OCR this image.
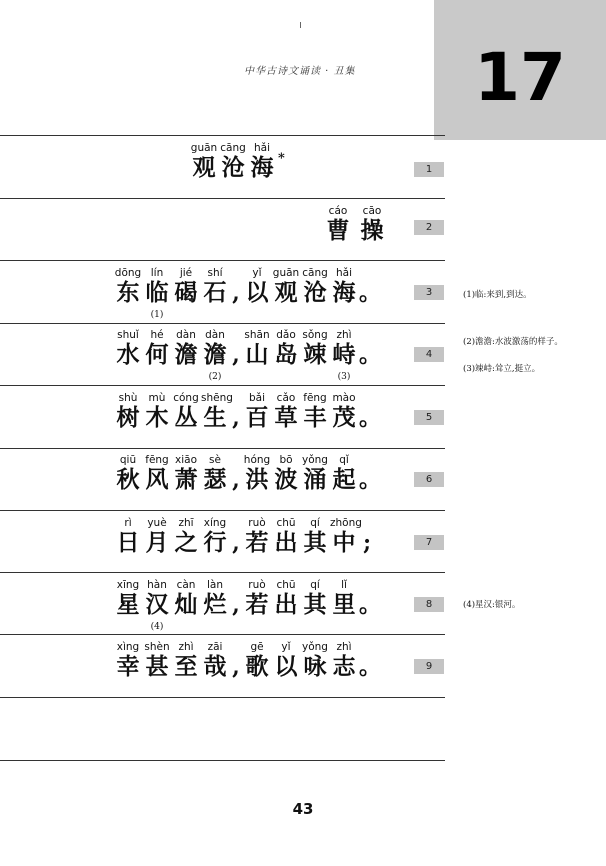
17
中华古诗文诵读 · 丑集
guān
观
cāng
沧
hǎi
海 *
1
cáo
曹
cāo
操	2
dōng
东
lín
临
jié
碣
shí
石
yǐ
以
guān
观
cāng
沧
hǎi
海
,	。
(1)
3
shuǐ
水
hé
何
dàn
澹
dàn
澹
shān
山
dǎo
岛
sǒng
竦
zhì
峙
,	。
(2)	(3)
4
shù
树
mù
木
cóng
丛
shēng
生
bǎi
百
cǎo
草
fēng
丰
mào
茂
,	。	5
qiū
秋
fēng
风
xiāo
萧
sè
瑟
hóng
洪
bō
波
yǒng
涌
qǐ
起
,	。	6
rì
日
yuè
月
zhī
之
xíng
行
ruò
若
chū
出
qí
其
zhōng
中
,	;	7
xīng
星
hàn
汉
càn
灿
làn
烂
ruò
若
chū
出
qí
其
lǐ
里
,	。
(4)
8
xìng
幸
shèn
甚
zhì
至
zāi
哉
gē
歌
yǐ
以
yǒng
咏
zhì
志
,	。	9
(1)临:来到,到达。
(2)澹澹:水波激荡的样子。
(3)竦峙:耸立,挺立。
(4)星汉:银河。
43
